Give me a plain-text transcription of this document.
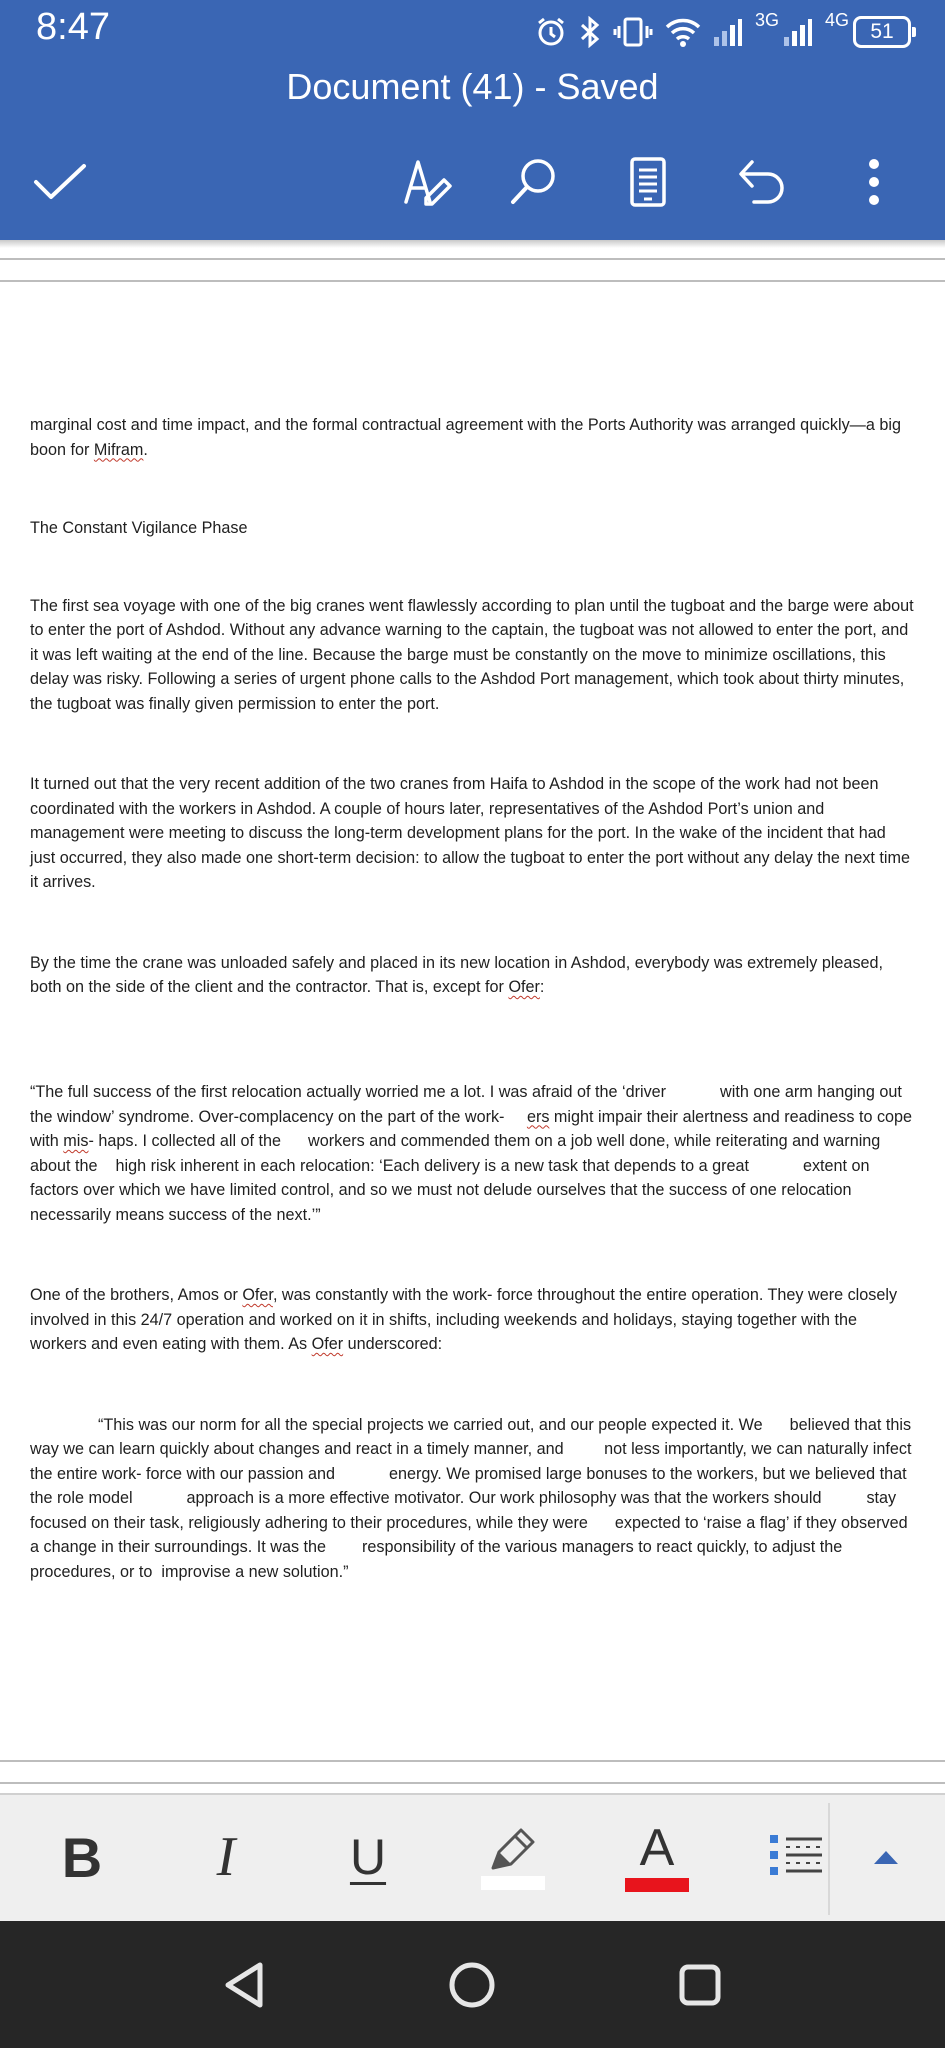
8:47	3G	4G
51
Document (41) - Saved

marginal cost and time impact, and the formal contractual agreement with the Ports Authority was arranged quickly—a big boon for Mifram.

The Constant Vigilance Phase

The first sea voyage with one of the big cranes went flawlessly according to plan until the tugboat and the barge were about to enter the port of Ashdod. Without any advance warning to the captain, the tugboat was not allowed to enter the port, and it was left waiting at the end of the line. Because the barge must be constantly on the move to minimize oscillations, this delay was risky. Following a series of urgent phone calls to the Ashdod Port management, which took about thirty minutes, the tugboat was finally given permission to enter the port.

It turned out that the very recent addition of the two cranes from Haifa to Ashdod in the scope of the work had not been coordinated with the workers in Ashdod. A couple of hours later, representatives of the Ashdod Port’s union and management were meeting to discuss the long-term development plans for the port. In the wake of the incident that had just occurred, they also made one short-term decision: to allow the tugboat to enter the port without any delay the next time it arrives.

By the time the crane was unloaded safely and placed in its new location in Ashdod, everybody was extremely pleased, both on the side of the client and the contractor. That is, except for Ofer:

“The full success of the first relocation actually worried me a lot. I was afraid of the ‘driver            with one arm hanging out the window’ syndrome. Over-complacency on the part of the work-     ers might impair their alertness and readiness to cope with mis- haps. I collected all of the      workers and commended them on a job well done, while reiterating and warning about the    high risk inherent in each relocation: ‘Each delivery is a new task that depends to a great            extent on factors over which we have limited control, and so we must not delude ourselves that the success of one relocation necessarily means success of the next.’”

One of the brothers, Amos or Ofer, was constantly with the work- force throughout the entire operation. They were closely involved in this 24/7 operation and worked on it in shifts, including weekends and holidays, staying together with the workers and even eating with them. As Ofer underscored:

“This was our norm for all the special projects we carried out, and our people expected it. We      believed that this way we can learn quickly about changes and react in a timely manner, and         not less importantly, we can naturally infect the entire work- force with our passion and            energy. We promised large bonuses to the workers, but we believed that the role model            approach is a more effective motivator. Our work philosophy was that the workers should          stay focused on their task, religiously adhering to their procedures, while they were      expected to ‘raise a flag’ if they observed a change in their surroundings. It was the        responsibility of the various managers to react quickly, to adjust the procedures, or to  improvise a new solution.”

B I U	A
